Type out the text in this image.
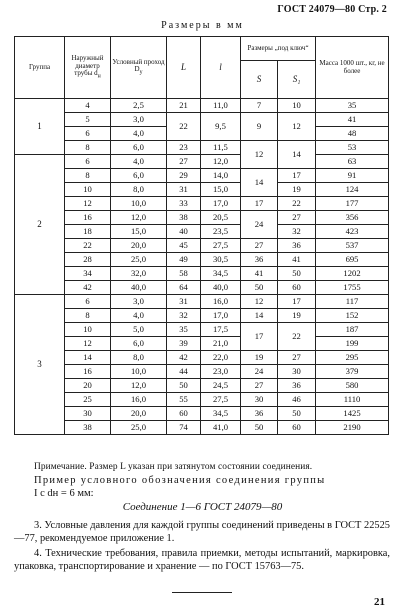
ГОСТ 24079—80 Стр. 2
Размеры в мм
Группа	Наружный диаметр трубы $d_н$	Условный проход $D_у$	L	l	Размеры „под ключ“		Масса 1000 шт., кг, не более
					S	S₁	
1	4	2,5	21	11,0	7	10	35
	5	3,0	22	9,5	9	12	41
	6	4,0					48
	8	6,0	23	11,5	12	14	53
2	6	4,0	27	12,0			63
	8	6,0	29	14,0	14	17	91
	10	8,0	31	15,0		19	124
	12	10,0	33	17,0	17	22	177
	16	12,0	38	20,5	24	27	356
	18	15,0	40	23,5		32	423
	22	20,0	45	27,5	27	36	537
	28	25,0	49	30,5	36	41	695
	34	32,0	58	34,5	41	50	1202
	42	40,0	64	40,0	50	60	1755
3	6	3,0	31	16,0	12	17	117
	8	4,0	32	17,0	14	19	152
	10	5,0	35	17,5	17	22	187
	12	6,0	39	21,0			199
	14	8,0	42	22,0	19	27	295
	16	10,0	44	23,0	24	30	379
	20	12,0	50	24,5	27	36	580
	25	16,0	55	27,5	30	46	1110
	30	20,0	60	34,5	36	50	1425
	38	25,0	74	41,0	50	60	2190
Примечание. Размер L указан при затянутом состоянии соединения.
Пример условного обозначения соединения группы
I с dн = 6 мм:
Соединение 1—6 ГОСТ 24079—80
3. Условные давления для каждой группы соединений приведены в ГОСТ 22525—77, рекомендуемое приложение 1.
4. Технические требования, правила приемки, методы испытаний, маркировка, упаковка, транспортирование и хранение — по ГОСТ 15763—75.
21
